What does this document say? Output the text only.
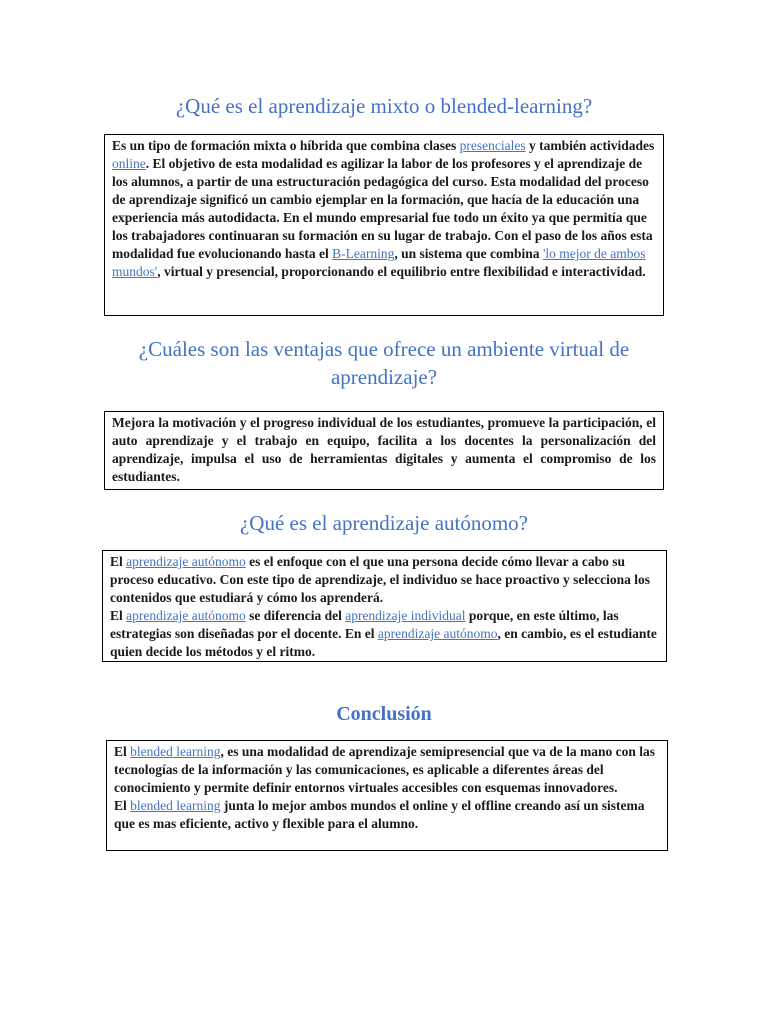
¿Qué es el aprendizaje mixto o blended-learning?

Es un tipo de formación mixta o híbrida que combina clases presenciales y también actividades online. El objetivo de esta modalidad es agilizar la labor de los profesores y el aprendizaje de los alumnos, a partir de una estructuración pedagógica del curso. Esta modalidad del proceso de aprendizaje significó un cambio ejemplar en la formación, que hacía de la educación una experiencia más autodidacta. En el mundo empresarial fue todo un éxito ya que permitía que los trabajadores continuaran su formación en su lugar de trabajo. Con el paso de los años esta modalidad fue evolucionando hasta el B-Learning, un sistema que combina 'lo mejor de ambos mundos', virtual y presencial, proporcionando el equilibrio entre flexibilidad e interactividad.

¿Cuáles son las ventajas que ofrece un ambiente virtual de aprendizaje?

Mejora la motivación y el progreso individual de los estudiantes, promueve la participación, el auto aprendizaje y el trabajo en equipo, facilita a los docentes la personalización del aprendizaje, impulsa el uso de herramientas digitales y aumenta el compromiso de los estudiantes.

¿Qué es el aprendizaje autónomo?

El aprendizaje autónomo es el enfoque con el que una persona decide cómo llevar a cabo su proceso educativo. Con este tipo de aprendizaje, el individuo se hace proactivo y selecciona los contenidos que estudiará y cómo los aprenderá.

El aprendizaje autónomo se diferencia del aprendizaje individual porque, en este último, las estrategias son diseñadas por el docente. En el aprendizaje autónomo, en cambio, es el estudiante quien decide los métodos y el ritmo.

Conclusión

El blended learning, es una modalidad de aprendizaje semipresencial que va de la mano con las tecnologías de la información y las comunicaciones, es aplicable a diferentes áreas del conocimiento y permite definir entornos virtuales accesibles con esquemas innovadores.

El blended learning junta lo mejor ambos mundos el online y el offline creando así un sistema que es mas eficiente, activo y flexible para el alumno.
